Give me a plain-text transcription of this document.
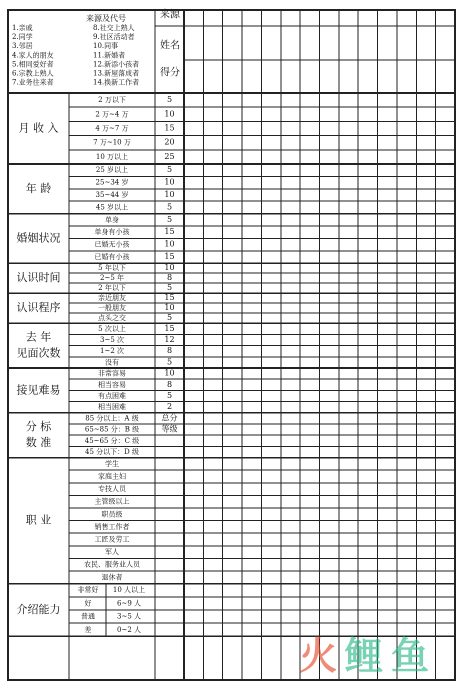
来源及代号
1.亲戚	8.社交上熟人
2.同学	9.社区活动者
3.邻居	10.同事
4.家人的朋友	11.新婚者
5.相同爱好者	12.新添小孩者
6.宗教上熟人	13.新屋落成者
7.业务往来者	14.换新工作者
来源
姓名
得分
月 收 入
2 万以下	5
2 万~4 万	10
4 万~7 万	15
7 万~10 万	20
10 万以上	25
年 龄
25 岁以上	5
25~34 岁	10
35~44 岁	10
45 岁以上	5
婚姻状况
单身	5
单身有小孩	15
已婚无小孩	10
已婚有小孩	15
认识时间
5 年以下	10
2~5 年	8
2 年以下	5
认识程序
亲近朋友	15
一般朋友	10
点头之交	5
去 年
见面次数
5 次以上	15
3~5 次	12
1~2 次	8
没有	5
接见难易
非常容易	10
相当容易	8
有点困难	5
相当困难	2
分 标
数 准
85 分以上：A 级	总分
65~85 分：B 级	等级
45~65 分：C 级
45 分以下：D 级
职 业
学生
家庭主妇
专技人员
主管级以上
职员级
销售工作者
工匠及劳工
军人
农民、服务业人员
退休者
介绍能力
非常好 10 人以上
好	6~9 人
普通	3~5 人
差	0~2 人
火 鲤 鱼
